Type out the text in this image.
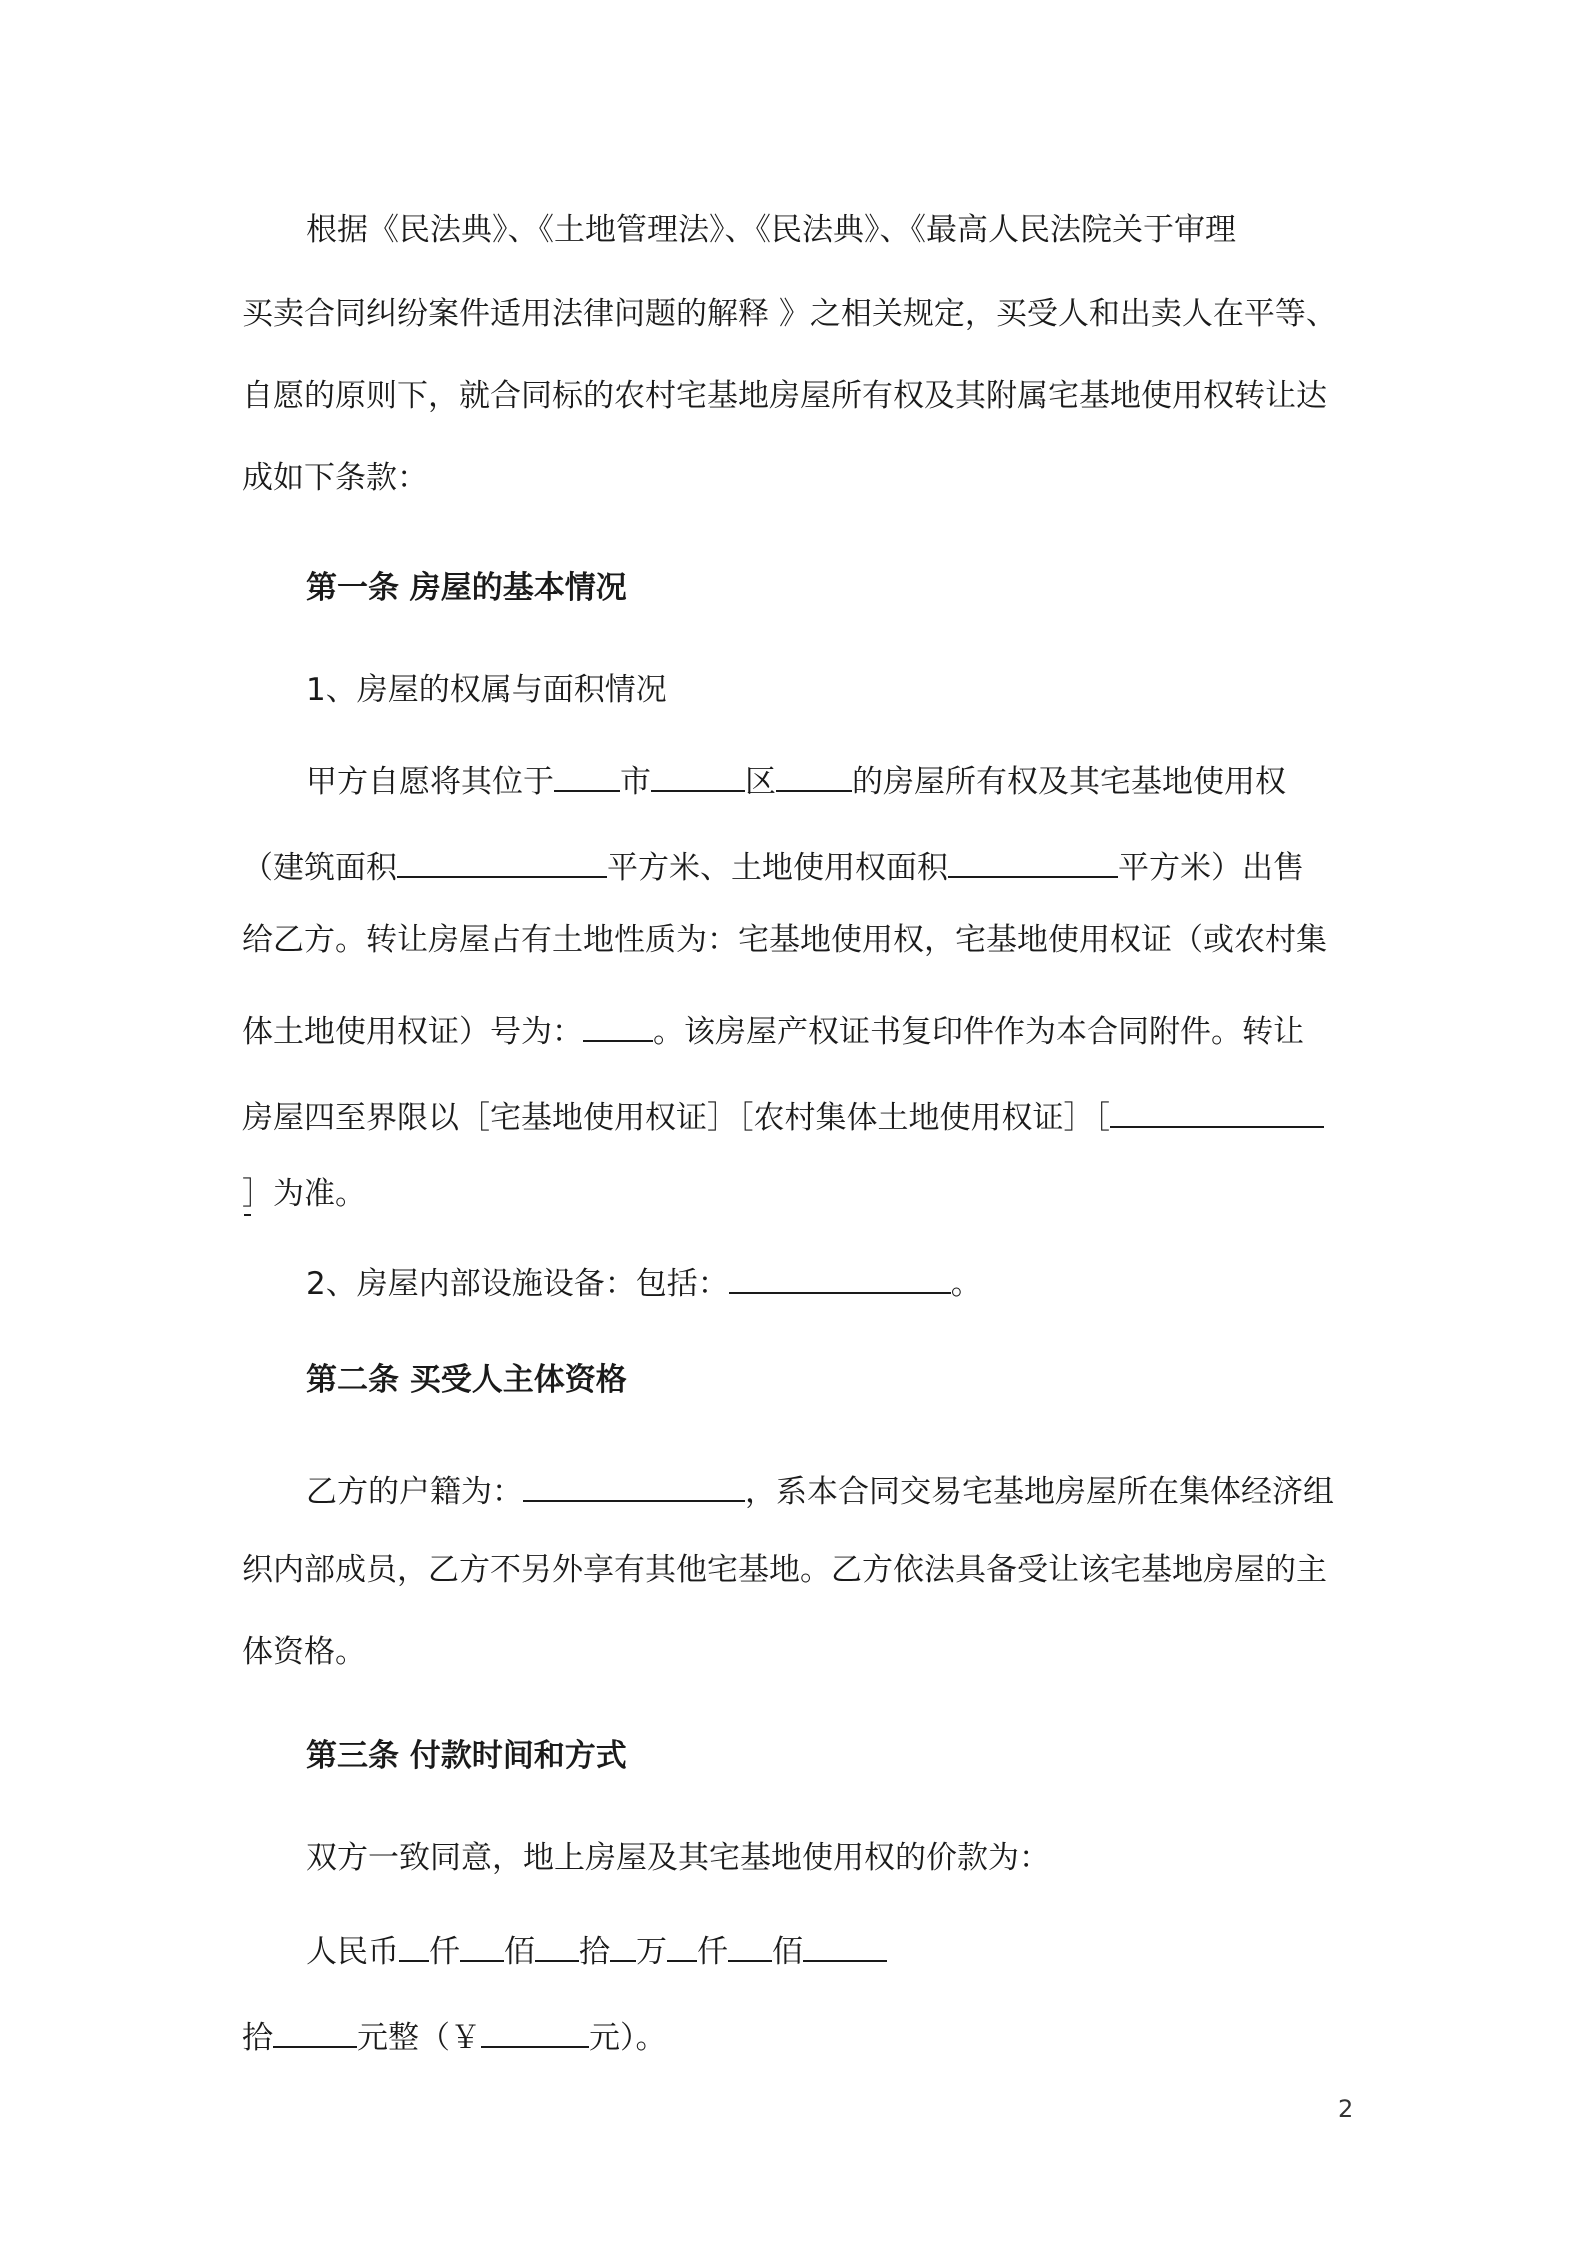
根据《民法典》、《土地管理法》、《民法典》、《最高人民法院关于审理
买卖合同纠纷案件适用法律问题的解释 》之相关规定，买受人和出卖人在平等、
自愿的原则下，就合同标的农村宅基地房屋所有权及其附属宅基地使用权转让达
成如下条款：
第一条 房屋的基本情况
1、房屋的权属与面积情况
甲方自愿将其位于 市	区 的房屋所有权及其宅基地使用权
（建筑面积	平方米、土地使用权面积	平方米）出售
给乙方。转让房屋占有土地性质为：宅基地使用权，宅基地使用权证（或农村集
体土地使用权证）号为： 。该房屋产权证书复印件作为本合同附件。转让
房屋四至界限以［宅基地使用权证］［农村集体土地使用权证］［
］为准。
2、房屋内部设施设备：包括：	。
第二条 买受人主体资格
乙方的户籍为：	，系本合同交易宅基地房屋所在集体经济组
织内部成员，乙方不另外享有其他宅基地。乙方依法具备受让该宅基地房屋的主
体资格。
第三条 付款时间和方式
双方一致同意，地上房屋及其宅基地使用权的价款为：
人民币 仟 佰 拾 万 仟 佰
拾	元整（￥	元）。
2
